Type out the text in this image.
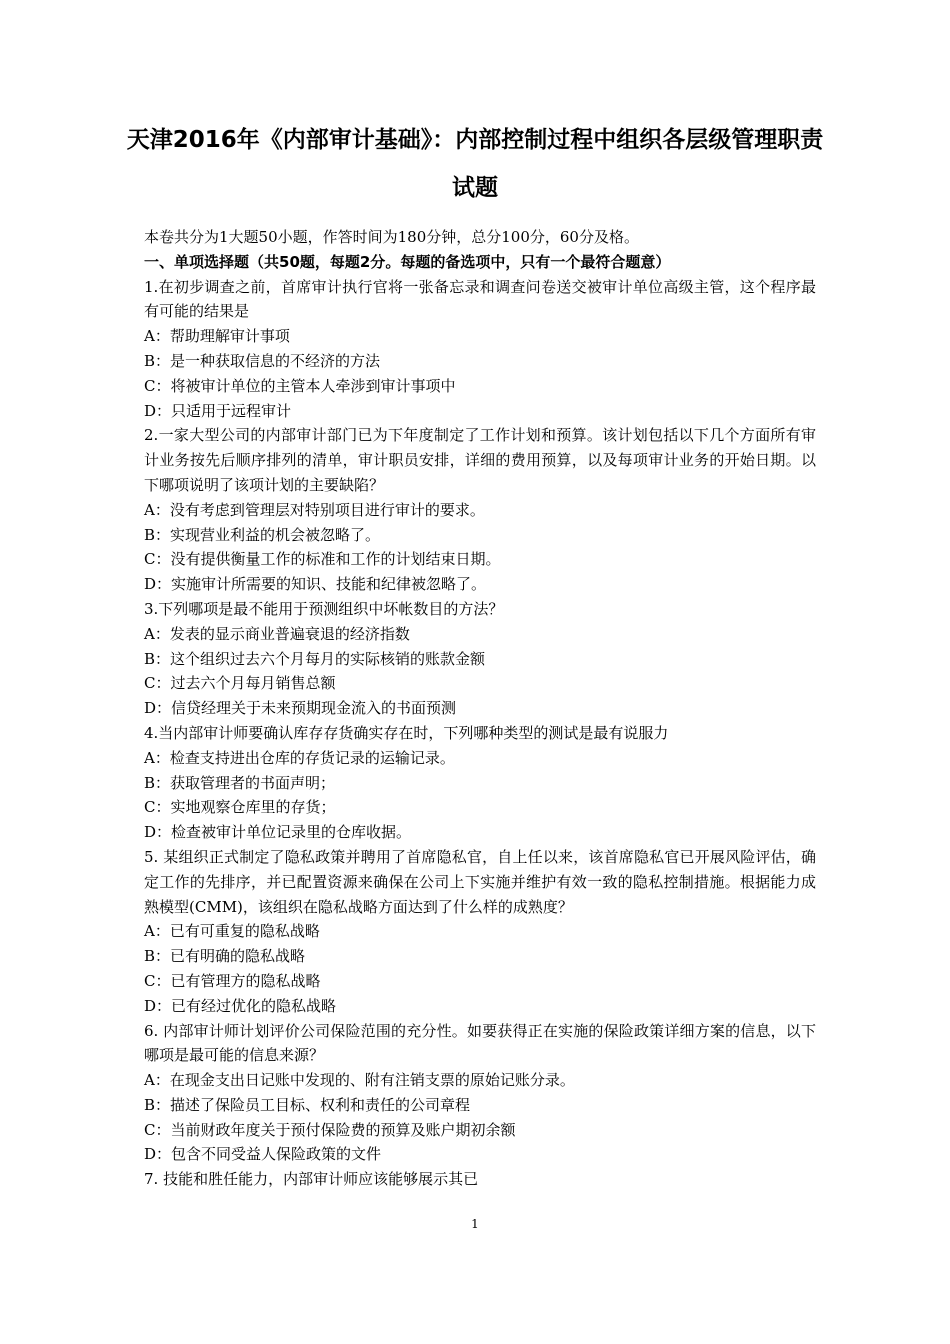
天津2016年《内部审计基础》：内部控制过程中组织各层级管理职责
试题

本卷共分为1大题50小题，作答时间为180分钟，总分100分，60分及格。

一、单项选择题（共50题，每题2分。每题的备选项中，只有一个最符合题意）

1.在初步调查之前，首席审计执行官将一张备忘录和调查问卷送交被审计单位高级主管，这个程序最有可能的结果是

A：帮助理解审计事项

B：是一种获取信息的不经济的方法

C：将被审计单位的主管本人牵涉到审计事项中

D：只适用于远程审计

2.一家大型公司的内部审计部门已为下年度制定了工作计划和预算。该计划包括以下几个方面所有审计业务按先后顺序排列的清单，审计职员安排，详细的费用预算，以及每项审计业务的开始日期。以下哪项说明了该项计划的主要缺陷？

A：没有考虑到管理层对特别项目进行审计的要求。

B：实现营业利益的机会被忽略了。

C：没有提供衡量工作的标准和工作的计划结束日期。

D：实施审计所需要的知识、技能和纪律被忽略了。

3.下列哪项是最不能用于预测组织中坏帐数目的方法？

A：发表的显示商业普遍衰退的经济指数

B：这个组织过去六个月每月的实际核销的账款金额

C：过去六个月每月销售总额

D：信贷经理关于未来预期现金流入的书面预测

4.当内部审计师要确认库存存货确实存在时，下列哪种类型的测试是最有说服力

A：检查支持进出仓库的存货记录的运输记录。

B：获取管理者的书面声明；

C：实地观察仓库里的存货；

D：检查被审计单位记录里的仓库收据。

5. 某组织正式制定了隐私政策并聘用了首席隐私官，自上任以来，该首席隐私官已开展风险评估，确定工作的先排序，并已配置资源来确保在公司上下实施并维护有效一致的隐私控制措施。根据能力成熟模型(CMM)，该组织在隐私战略方面达到了什么样的成熟度？

A：已有可重复的隐私战略

B：已有明确的隐私战略

C：已有管理方的隐私战略

D：已有经过优化的隐私战略

6. 内部审计师计划评价公司保险范围的充分性。如要获得正在实施的保险政策详细方案的信息，以下哪项是最可能的信息来源？

A：在现金支出日记账中发现的、附有注销支票的原始记账分录。

B：描述了保险员工目标、权利和责任的公司章程

C：当前财政年度关于预付保险费的预算及账户期初余额

D：包含不同受益人保险政策的文件

7. 技能和胜任能力，内部审计师应该能够展示其已

1
